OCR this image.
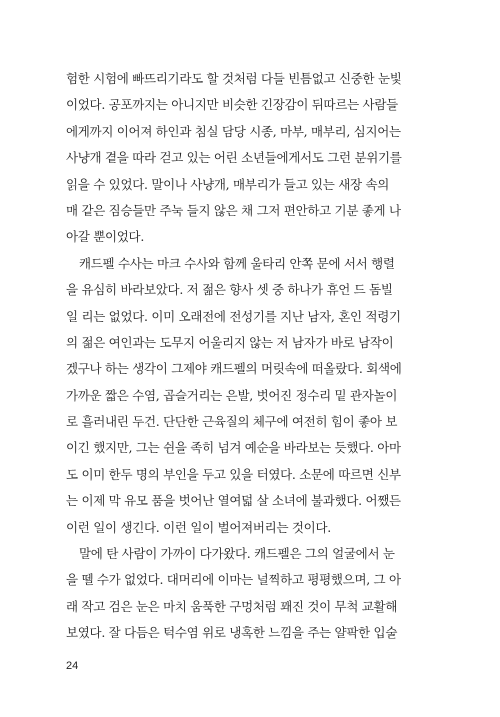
험한 시험에 빠뜨리기라도 할 것처럼 다들 빈틈없고 신중한 눈빛
이었다. 공포까지는 아니지만 비슷한 긴장감이 뒤따르는 사람들
에게까지 이어져 하인과 침실 담당 시종, 마부, 매부리, 심지어는
사냥개 곁을 따라 걷고 있는 어린 소년들에게서도 그런 분위기를
읽을 수 있었다. 말이나 사냥개, 매부리가 들고 있는 새장 속의
매 같은 짐승들만 주눅 들지 않은 채 그저 편안하고 기분 좋게 나
아갈 뿐이었다.
캐드펠 수사는 마크 수사와 함께 울타리 안쪽 문에 서서 행렬
을 유심히 바라보았다. 저 젊은 향사 셋 중 하나가 휴언 드 돔빌
일 리는 없었다. 이미 오래전에 전성기를 지난 남자, 혼인 적령기
의 젊은 여인과는 도무지 어울리지 않는 저 남자가 바로 남작이
겠구나 하는 생각이 그제야 캐드펠의 머릿속에 떠올랐다. 회색에
가까운 짧은 수염, 곱슬거리는 은발, 벗어진 정수리 밑 관자놀이
로 흘러내린 두건. 단단한 근육질의 체구에 여전히 힘이 좋아 보
이긴 했지만, 그는 쉰을 족히 넘겨 예순을 바라보는 듯했다. 아마
도 이미 한두 명의 부인을 두고 있을 터였다. 소문에 따르면 신부
는 이제 막 유모 품을 벗어난 열여덟 살 소녀에 불과했다. 어쨌든
이런 일이 생긴다. 이런 일이 벌어져버리는 것이다.
말에 탄 사람이 가까이 다가왔다. 캐드펠은 그의 얼굴에서 눈
을 뗄 수가 없었다. 대머리에 이마는 널찍하고 평평했으며, 그 아
래 작고 검은 눈은 마치 움푹한 구멍처럼 꽤진 것이 무척 교활해
보였다. 잘 다듬은 턱수염 위로 냉혹한 느낌을 주는 얄팍한 입술
24
